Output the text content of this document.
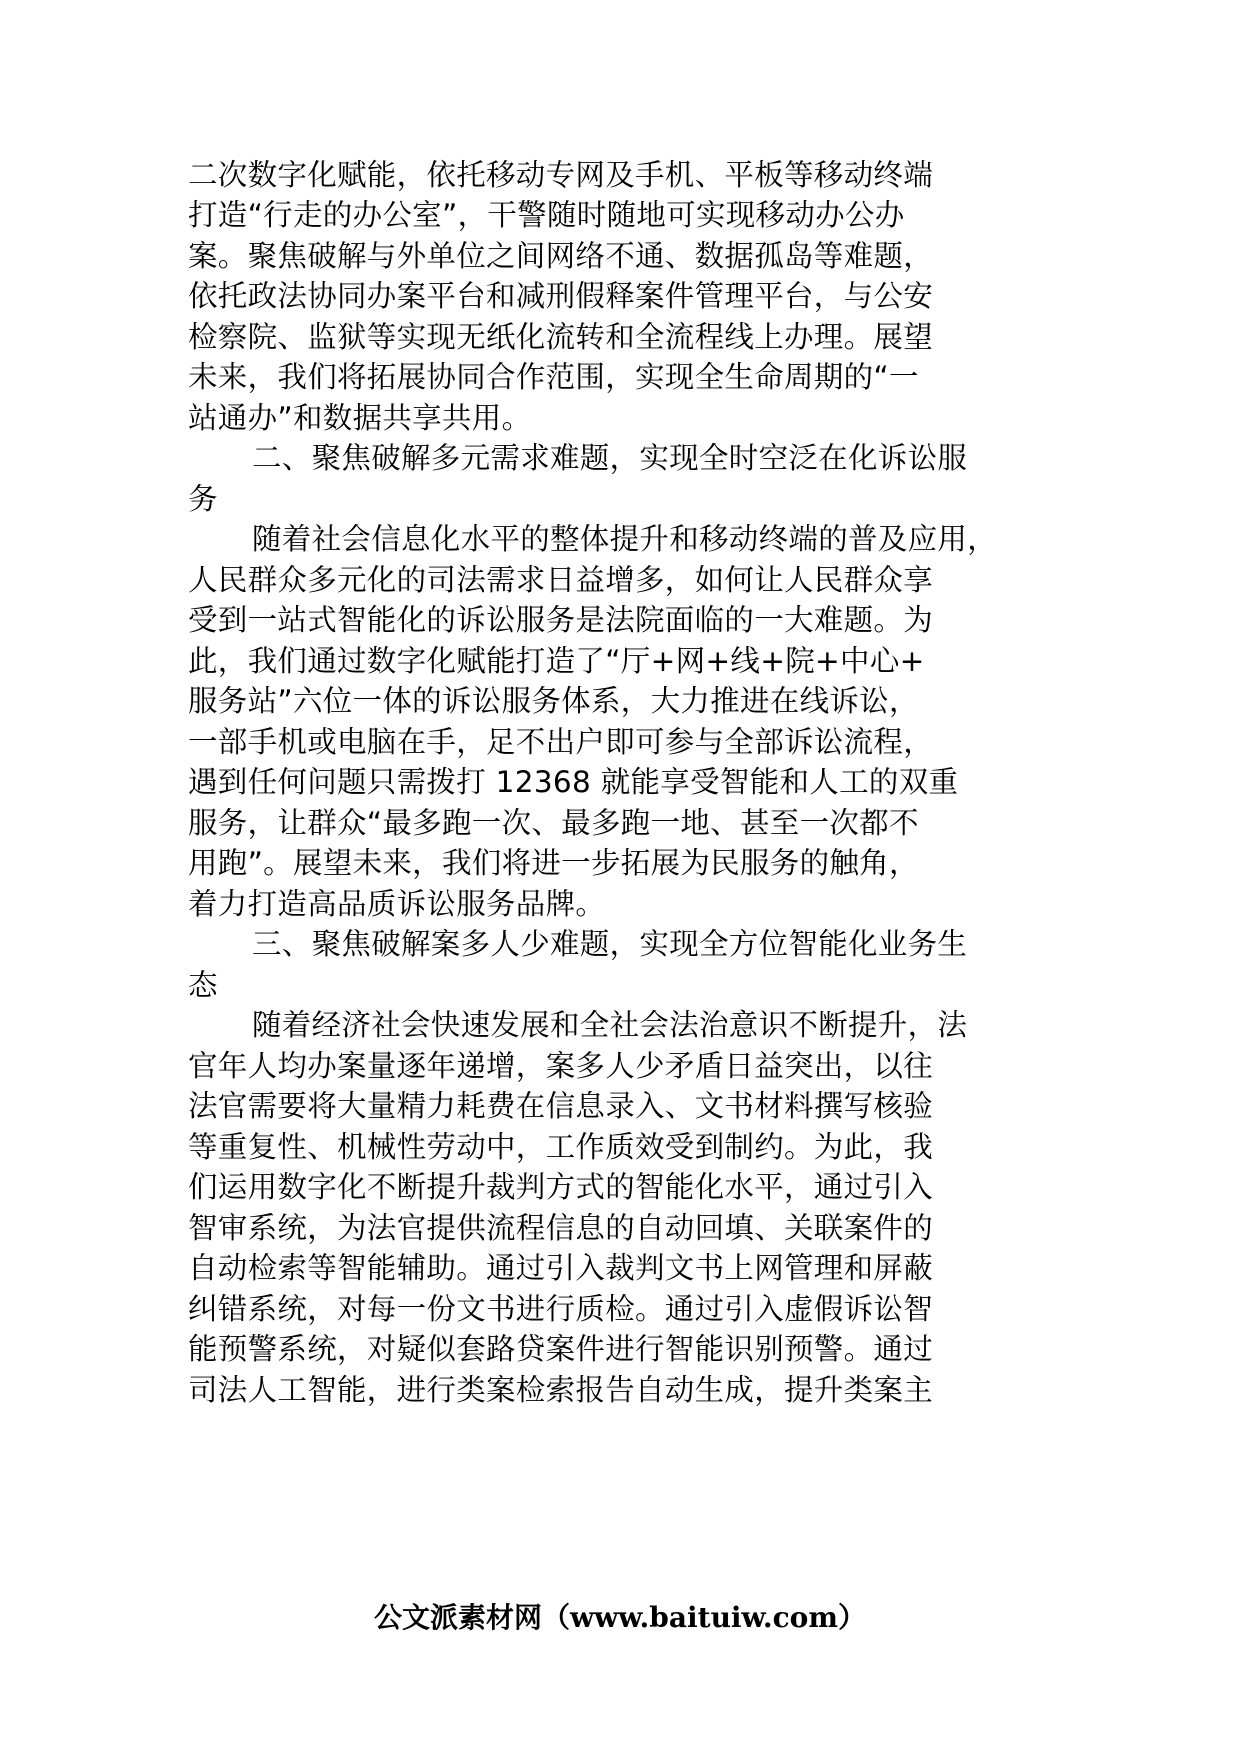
二次数字化赋能，依托移动专网及手机、平板等移动终端
打造“行走的办公室”，干警随时随地可实现移动办公办
案。聚焦破解与外单位之间网络不通、数据孤岛等难题，
依托政法协同办案平台和减刑假释案件管理平台，与公安
检察院、监狱等实现无纸化流转和全流程线上办理。展望
未来，我们将拓展协同合作范围，实现全生命周期的“一
站通办”和数据共享共用。
二、聚焦破解多元需求难题，实现全时空泛在化诉讼服
务
随着社会信息化水平的整体提升和移动终端的普及应用，
人民群众多元化的司法需求日益增多，如何让人民群众享
受到一站式智能化的诉讼服务是法院面临的一大难题。为
此，我们通过数字化赋能打造了“厅+网+线+院+中心+
服务站”六位一体的诉讼服务体系，大力推进在线诉讼，
一部手机或电脑在手，足不出户即可参与全部诉讼流程，
遇到任何问题只需拨打 12368 就能享受智能和人工的双重
服务，让群众“最多跑一次、最多跑一地、甚至一次都不
用跑”。展望未来，我们将进一步拓展为民服务的触角，
着力打造高品质诉讼服务品牌。
三、聚焦破解案多人少难题，实现全方位智能化业务生
态
随着经济社会快速发展和全社会法治意识不断提升，法
官年人均办案量逐年递增，案多人少矛盾日益突出，以往
法官需要将大量精力耗费在信息录入、文书材料撰写核验
等重复性、机械性劳动中，工作质效受到制约。为此，我
们运用数字化不断提升裁判方式的智能化水平，通过引入
智审系统，为法官提供流程信息的自动回填、关联案件的
自动检索等智能辅助。通过引入裁判文书上网管理和屏蔽
纠错系统，对每一份文书进行质检。通过引入虚假诉讼智
能预警系统，对疑似套路贷案件进行智能识别预警。通过
司法人工智能，进行类案检索报告自动生成，提升类案主
公文派素材网（www.baituiw.com）
